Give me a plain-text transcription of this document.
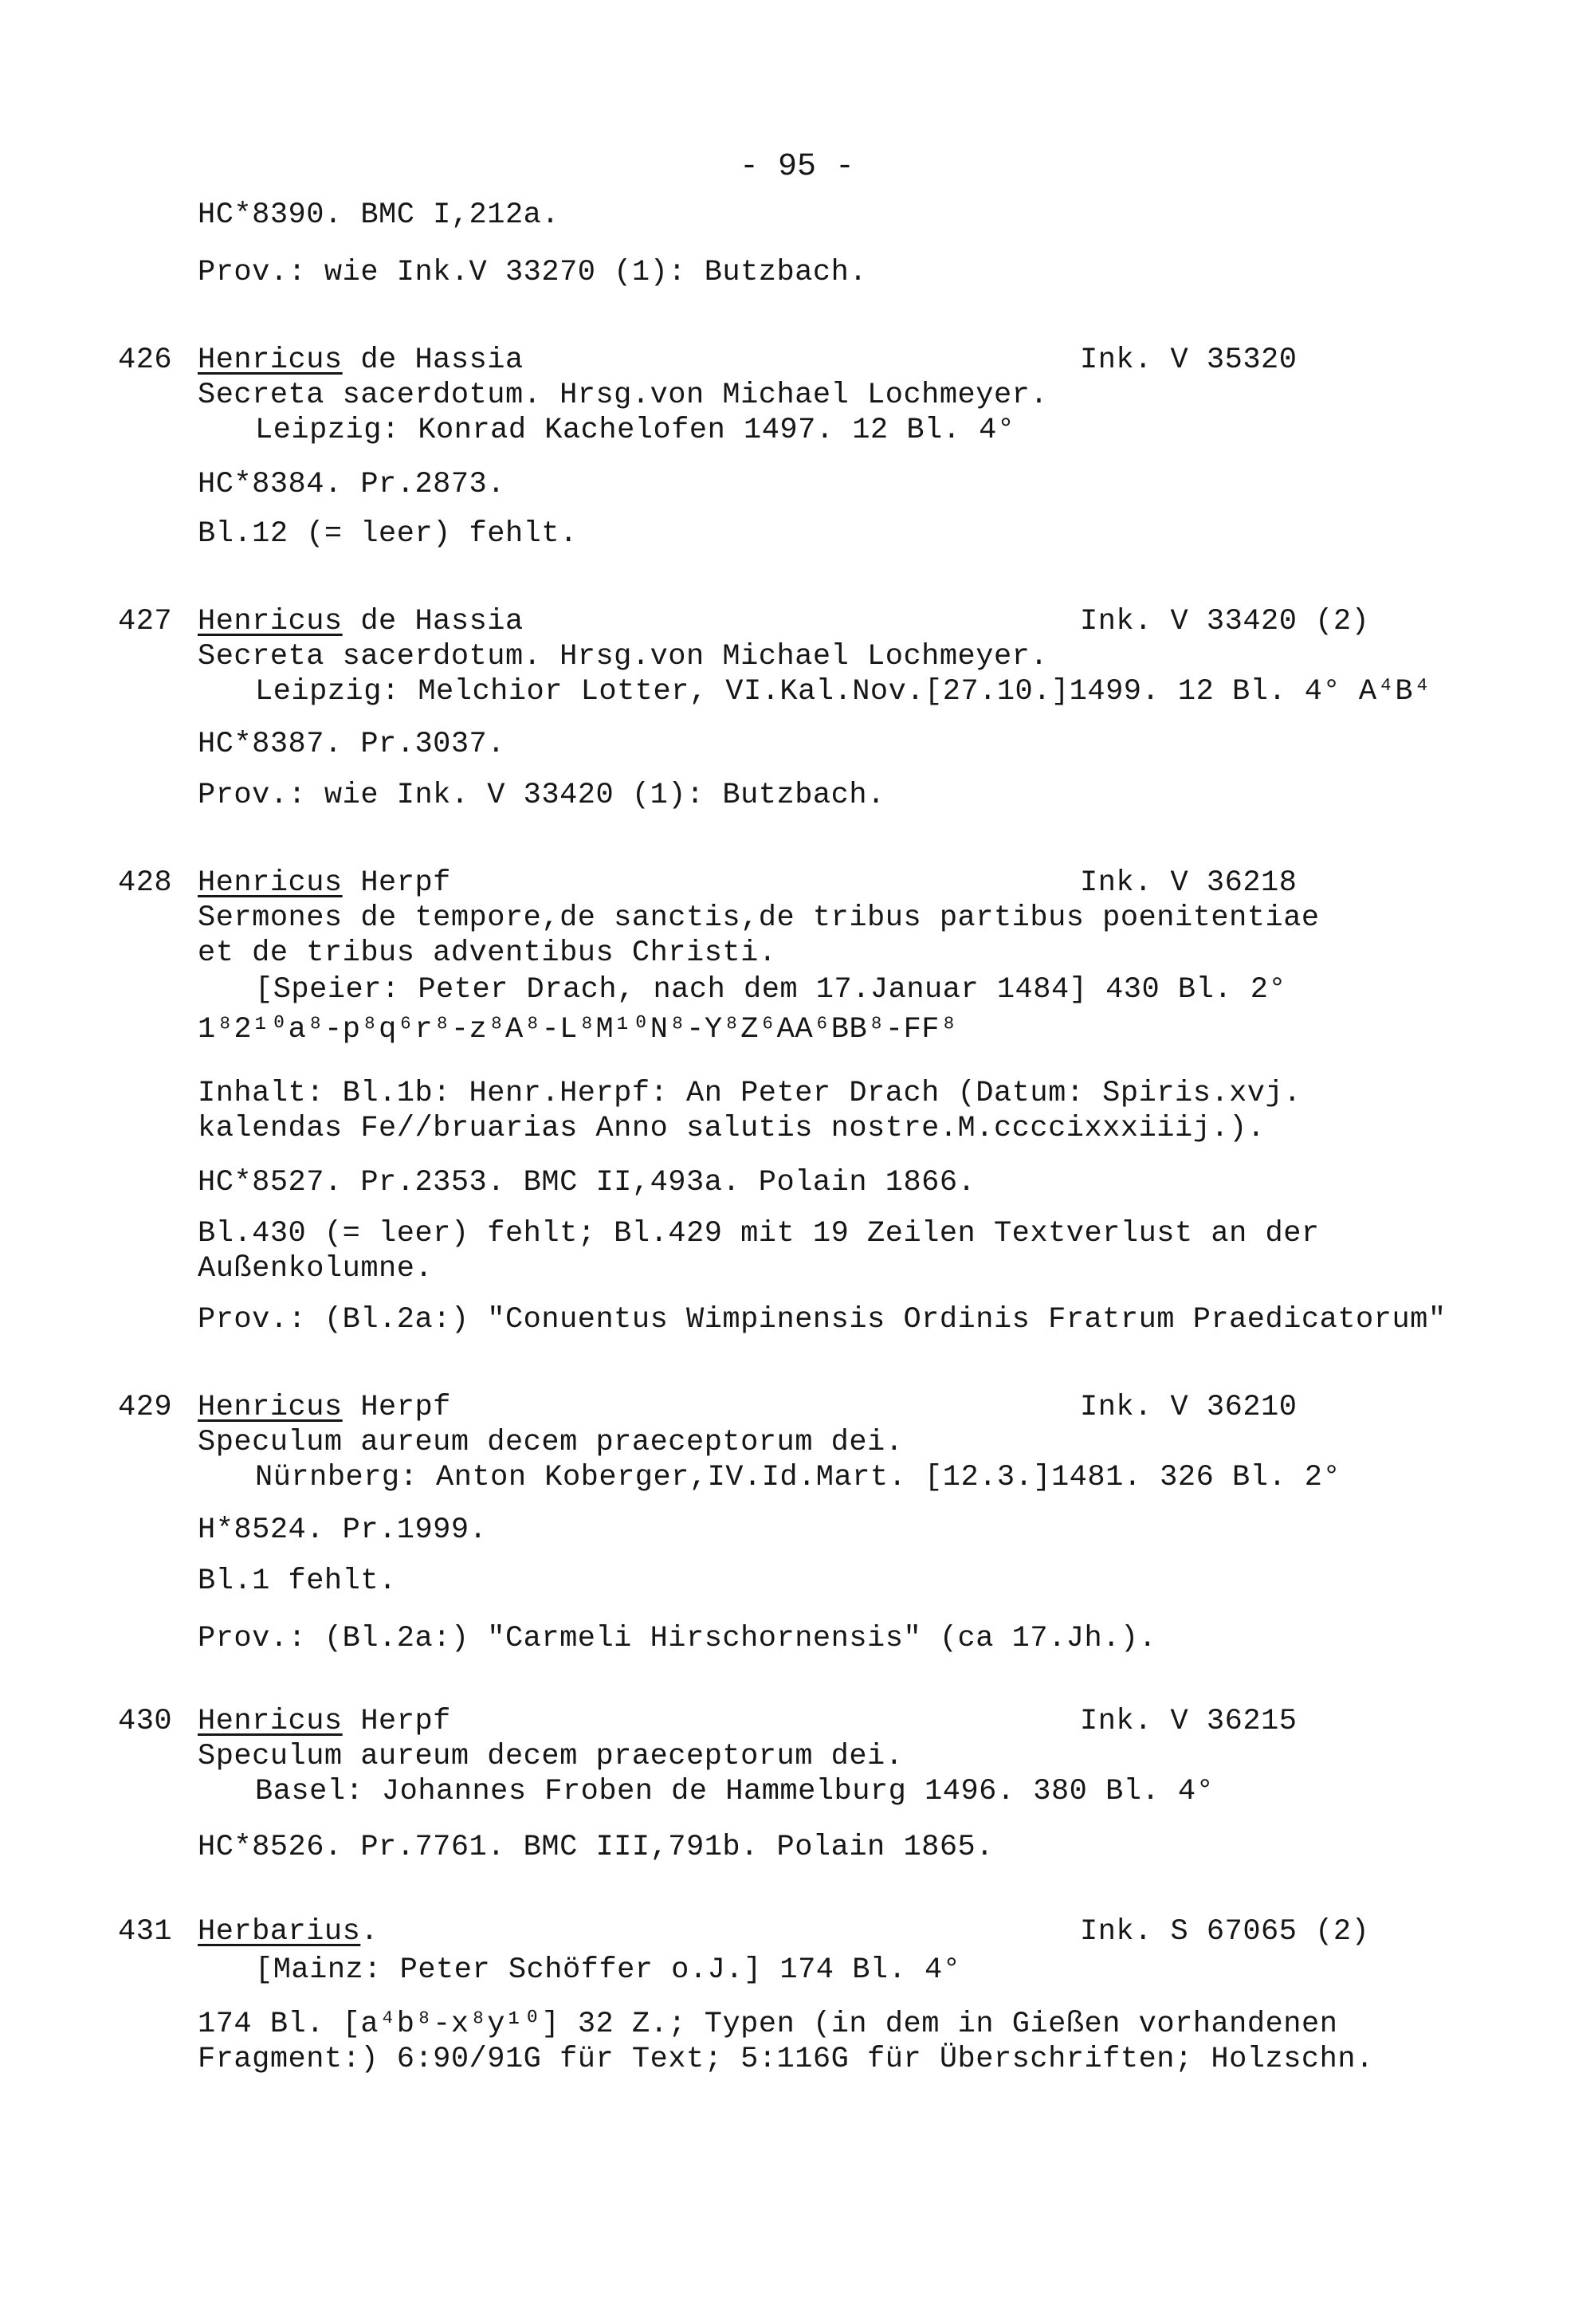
- 95 -
HC*8390. BMC I,212a.
Prov.: wie Ink.V 33270 (1): Butzbach.
426 Henricus de Hassia	Ink. V 35320
Secreta sacerdotum. Hrsg.von Michael Lochmeyer.
Leipzig: Konrad Kachelofen 1497. 12 Bl. 4°
HC*8384. Pr.2873.
Bl.12 (= leer) fehlt.
427 Henricus de Hassia	Ink. V 33420 (2)
Secreta sacerdotum. Hrsg.von Michael Lochmeyer.
Leipzig: Melchior Lotter, VI.Kal.Nov.[27.10.]1499. 12 Bl. 4° A⁴B⁴
HC*8387. Pr.3037.
Prov.: wie Ink. V 33420 (1): Butzbach.
428 Henricus Herpf	Ink. V 36218
Sermones de tempore,de sanctis,de tribus partibus poenitentiae
et de tribus adventibus Christi.
[Speier: Peter Drach, nach dem 17.Januar 1484] 430 Bl. 2°
1⁸2¹⁰a⁸-p⁸q⁶r⁸-z⁸A⁸-L⁸M¹⁰N⁸-Y⁸Z⁶AA⁶BB⁸-FF⁸
Inhalt: Bl.1b: Henr.Herpf: An Peter Drach (Datum: Spiris.xvj.
kalendas Fe//bruarias Anno salutis nostre.M.ccccixxxiiij.).
HC*8527. Pr.2353. BMC II,493a. Polain 1866.
Bl.430 (= leer) fehlt; Bl.429 mit 19 Zeilen Textverlust an der
Außenkolumne.
Prov.: (Bl.2a:) "Conuentus Wimpinensis Ordinis Fratrum Praedicatorum"
429 Henricus Herpf	Ink. V 36210
Speculum aureum decem praeceptorum dei.
Nürnberg: Anton Koberger,IV.Id.Mart. [12.3.]1481. 326 Bl. 2°
H*8524. Pr.1999.
Bl.1 fehlt.
Prov.: (Bl.2a:) "Carmeli Hirschornensis" (ca 17.Jh.).
430 Henricus Herpf	Ink. V 36215
Speculum aureum decem praeceptorum dei.
Basel: Johannes Froben de Hammelburg 1496. 380 Bl. 4°
HC*8526. Pr.7761. BMC III,791b. Polain 1865.
431 Herbarius.	Ink. S 67065 (2)
[Mainz: Peter Schöffer o.J.] 174 Bl. 4°
174 Bl. [a⁴b⁸-x⁸y¹⁰] 32 Z.; Typen (in dem in Gießen vorhandenen
Fragment:) 6:90/91G für Text; 5:116G für Überschriften; Holzschn.
